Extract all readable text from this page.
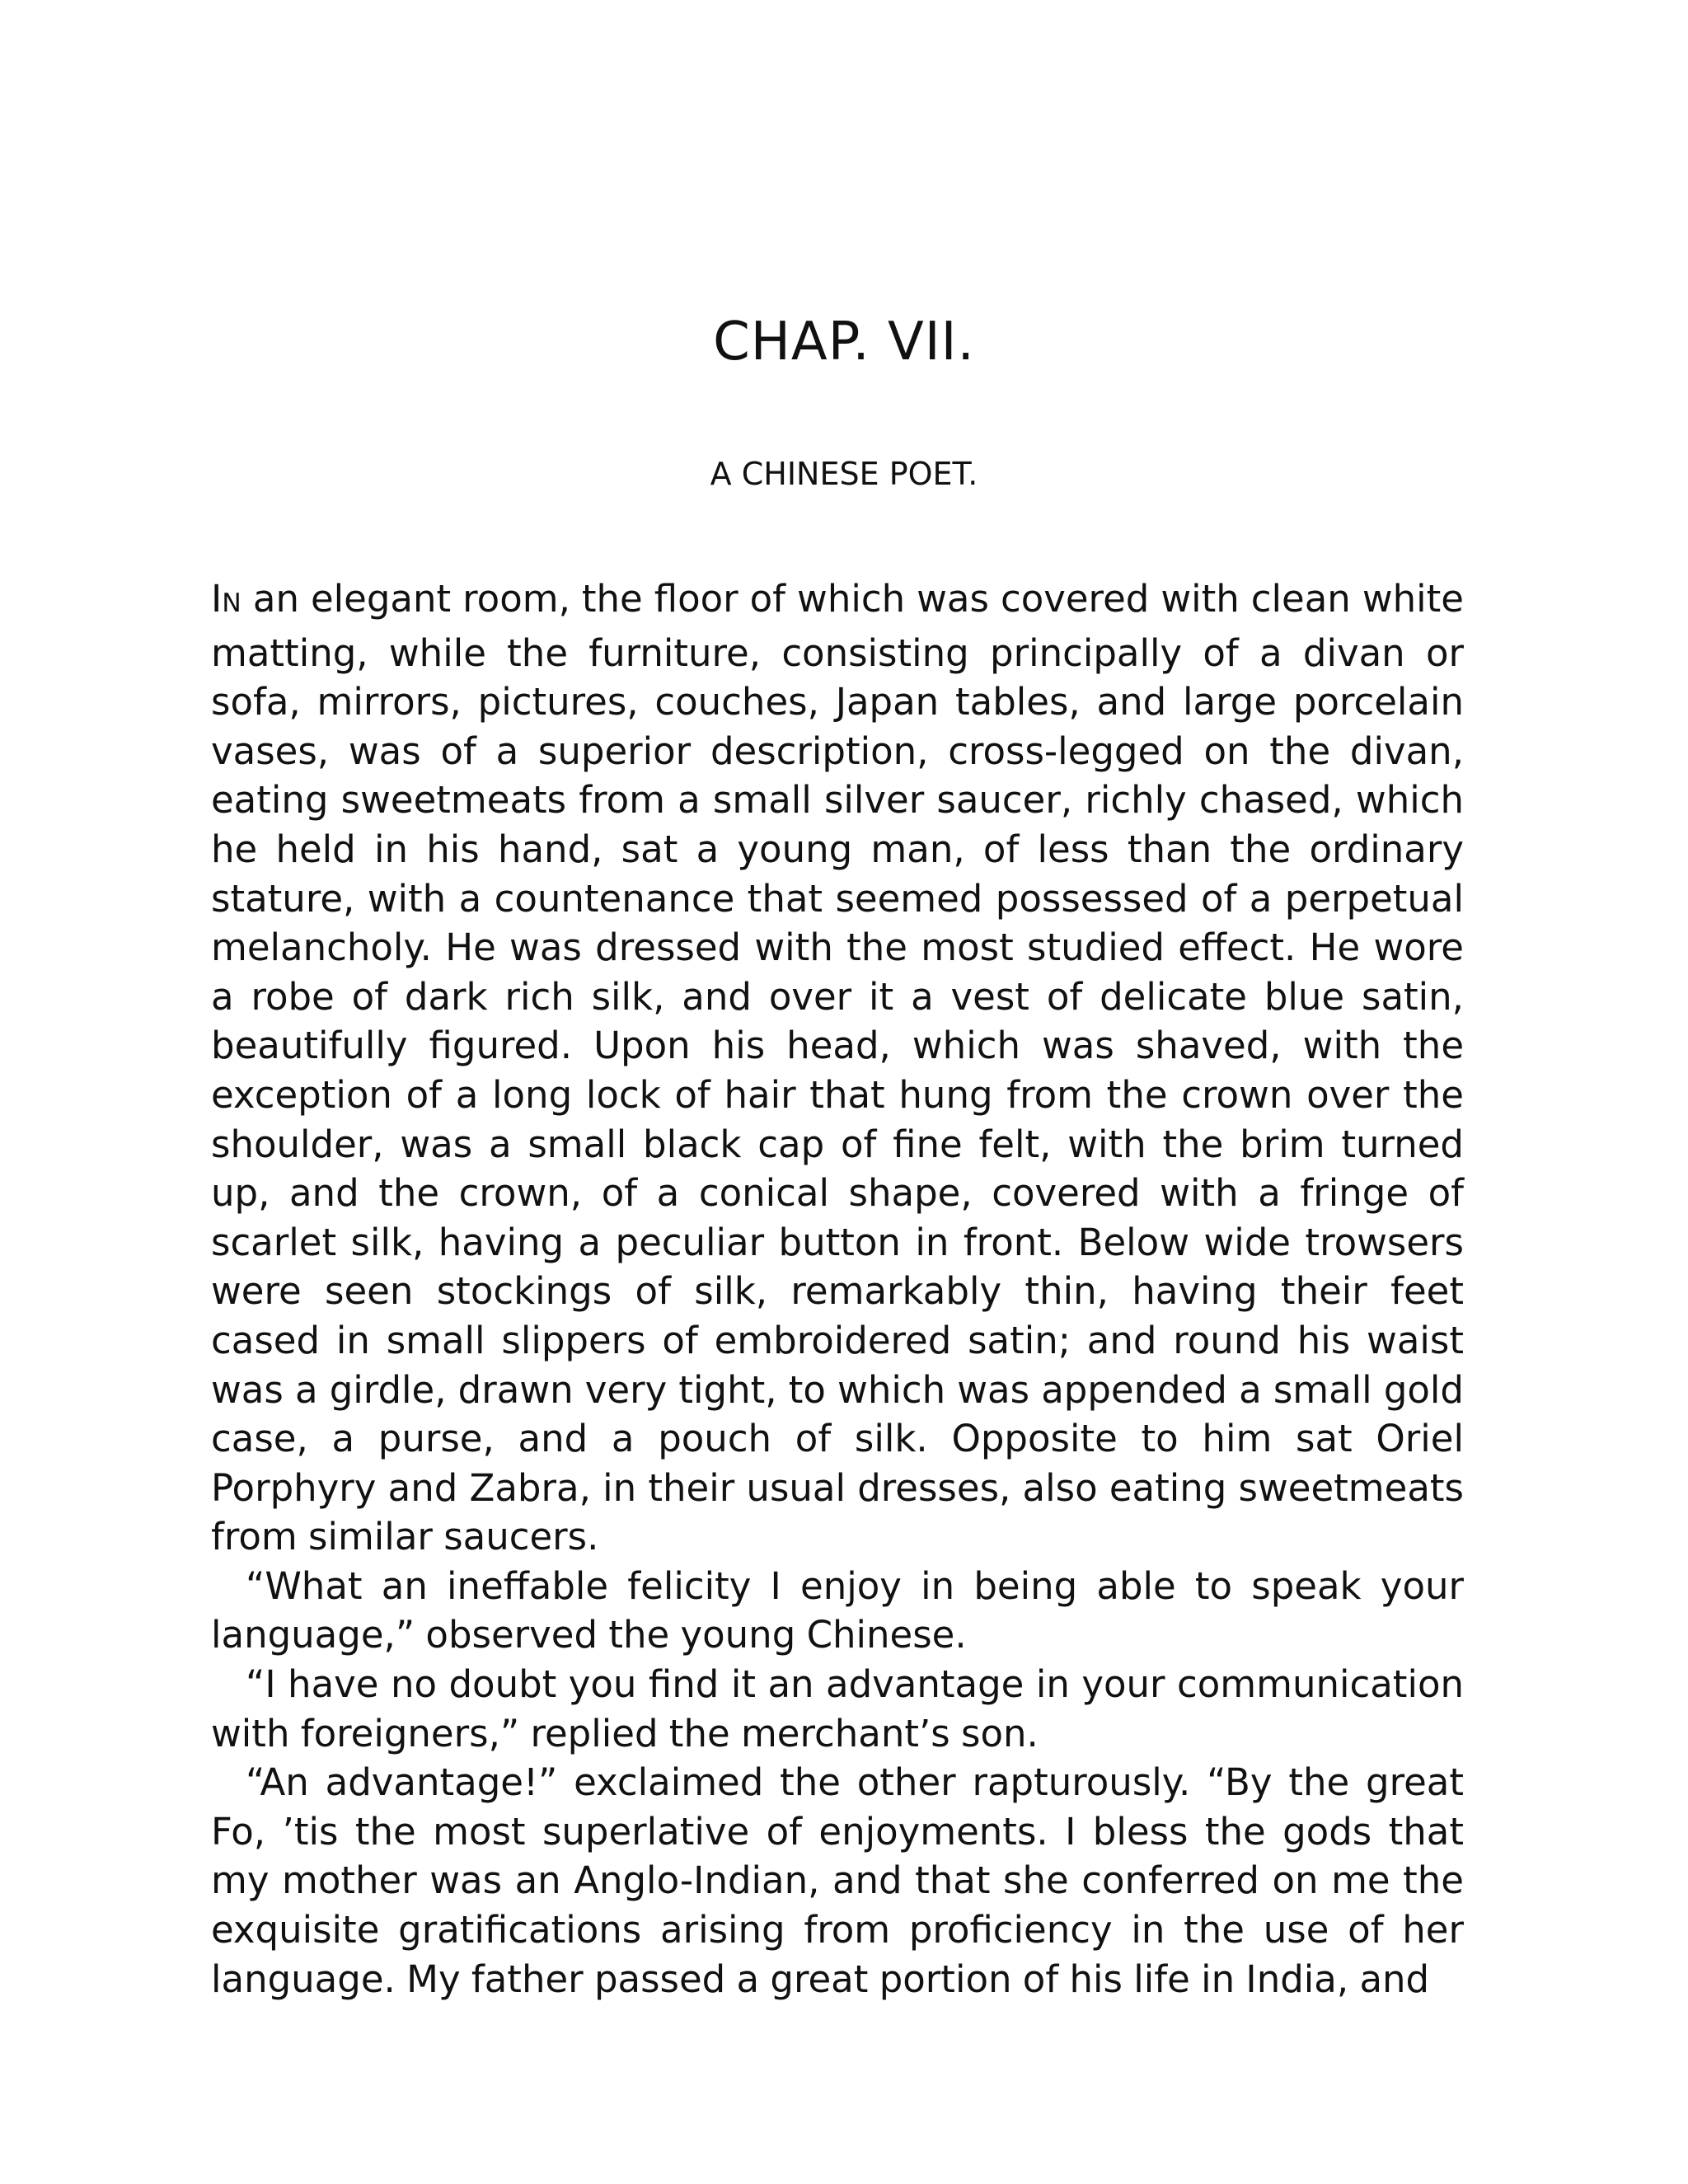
CHAP. VII.
A CHINESE POET.

IN an elegant room, the floor of which was covered with clean white matting, while the furniture, consisting principally of a divan or sofa, mirrors, pictures, couches, Japan tables, and large porcelain vases, was of a superior description, cross-legged on the divan, eating sweetmeats from a small silver saucer, richly chased, which he held in his hand, sat a young man, of less than the ordinary stature, with a countenance that seemed possessed of a perpetual melancholy. He was dressed with the most studied effect. He wore a robe of dark rich silk, and over it a vest of delicate blue satin, beautifully figured. Upon his head, which was shaved, with the exception of a long lock of hair that hung from the crown over the shoulder, was a small black cap of fine felt, with the brim turned up, and the crown, of a conical shape, covered with a fringe of scarlet silk, having a peculiar button in front. Below wide trowsers were seen stockings of silk, remarkably thin, having their feet cased in small slippers of embroidered satin; and round his waist was a girdle, drawn very tight, to which was appended a small gold case, a purse, and a pouch of silk. Opposite to him sat Oriel Porphyry and Zabra, in their usual dresses, also eating sweetmeats from similar saucers.

“What an ineffable felicity I enjoy in being able to speak your language,” observed the young Chinese.

“I have no doubt you find it an advantage in your communication with foreigners,” replied the merchant’s son.

“An advantage!” exclaimed the other rapturously. “By the great Fo, ’tis the most superlative of enjoyments. I bless the gods that my mother was an Anglo-Indian, and that she conferred on me the exquisite gratifications arising from proficiency in the use of her language. My father passed a great portion of his life in India, and
